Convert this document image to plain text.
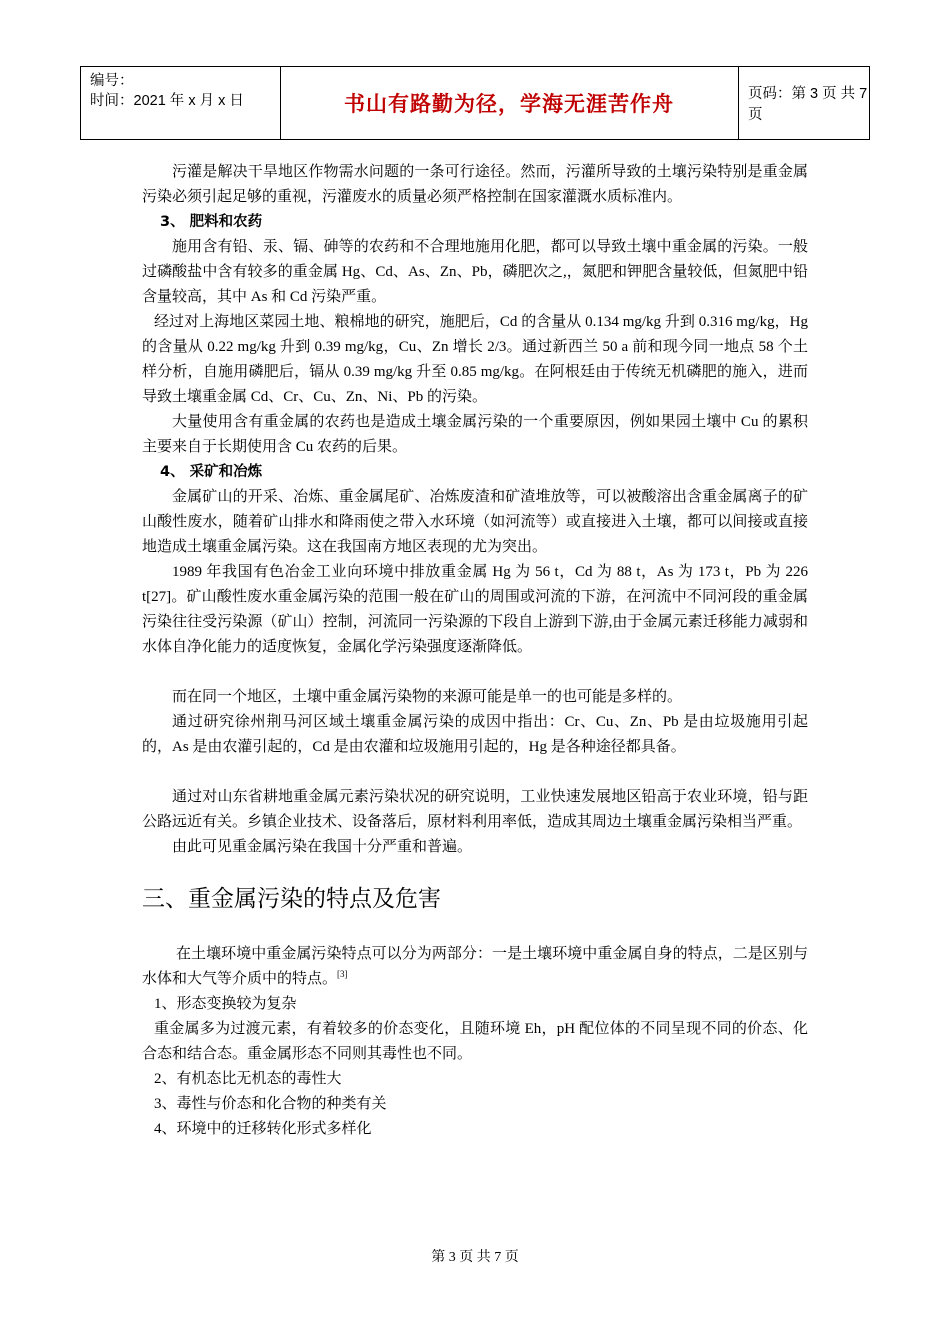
编号：
时间：2021 年 x 月 x 日	书山有路勤为径，学海无涯苦作舟	页码：第 3 页 共 7 页

污灌是解决干旱地区作物需水问题的一条可行途径。然而，污灌所导致的土壤污染特别是重金属污染必须引起足够的重视，污灌废水的质量必须严格控制在国家灌溉水质标准内。

3、 肥料和农药

施用含有铅、汞、镉、砷等的农药和不合理地施用化肥，都可以导致土壤中重金属的污染。一般过磷酸盐中含有较多的重金属 Hg、Cd、As、Zn、Pb，磷肥次之,，氮肥和钾肥含量较低，但氮肥中铅含量较高，其中 As 和 Cd 污染严重。

经过对上海地区菜园土地、粮棉地的研究，施肥后，Cd 的含量从 0.134 mg/kg 升到 0.316 mg/kg，Hg 的含量从 0.22 mg/kg 升到 0.39 mg/kg，Cu、Zn 增长 2/3。通过新西兰 50 a 前和现今同一地点 58 个土样分析，自施用磷肥后，镉从 0.39 mg/kg 升至 0.85 mg/kg。在阿根廷由于传统无机磷肥的施入，进而导致土壤重金属 Cd、Cr、Cu、Zn、Ni、Pb 的污染。

大量使用含有重金属的农药也是造成土壤金属污染的一个重要原因，例如果园土壤中 Cu 的累积主要来自于长期使用含 Cu 农药的后果。

4、 采矿和冶炼

金属矿山的开采、冶炼、重金属尾矿、冶炼废渣和矿渣堆放等，可以被酸溶出含重金属离子的矿山酸性废水，随着矿山排水和降雨使之带入水环境（如河流等）或直接进入土壤，都可以间接或直接地造成土壤重金属污染。这在我国南方地区表现的尤为突出。

1989 年我国有色冶金工业向环境中排放重金属 Hg 为 56 t，Cd 为 88 t，As 为 173 t，Pb 为 226 t[27]。矿山酸性废水重金属污染的范围一般在矿山的周围或河流的下游，在河流中不同河段的重金属污染往往受污染源（矿山）控制，河流同一污染源的下段自上游到下游,由于金属元素迁移能力减弱和水体自净化能力的适度恢复，金属化学污染强度逐渐降低。

而在同一个地区，土壤中重金属污染物的来源可能是单一的也可能是多样的。

通过研究徐州荆马河区域土壤重金属污染的成因中指出：Cr、Cu、Zn、Pb 是由垃圾施用引起的，As 是由农灌引起的，Cd 是由农灌和垃圾施用引起的，Hg 是各种途径都具备。

通过对山东省耕地重金属元素污染状况的研究说明，工业快速发展地区铅高于农业环境，铅与距公路远近有关。乡镇企业技术、设备落后，原材料利用率低，造成其周边土壤重金属污染相当严重。

由此可见重金属污染在我国十分严重和普遍。

三、重金属污染的特点及危害

在土壤环境中重金属污染特点可以分为两部分：一是土壤环境中重金属自身的特点，二是区别与水体和大气等介质中的特点。[3]

1、形态变换较为复杂

重金属多为过渡元素，有着较多的价态变化，且随环境 Eh，pH 配位体的不同呈现不同的价态、化合态和结合态。重金属形态不同则其毒性也不同。

2、有机态比无机态的毒性大

3、毒性与价态和化合物的种类有关

4、环境中的迁移转化形式多样化

第 3 页 共 7 页
